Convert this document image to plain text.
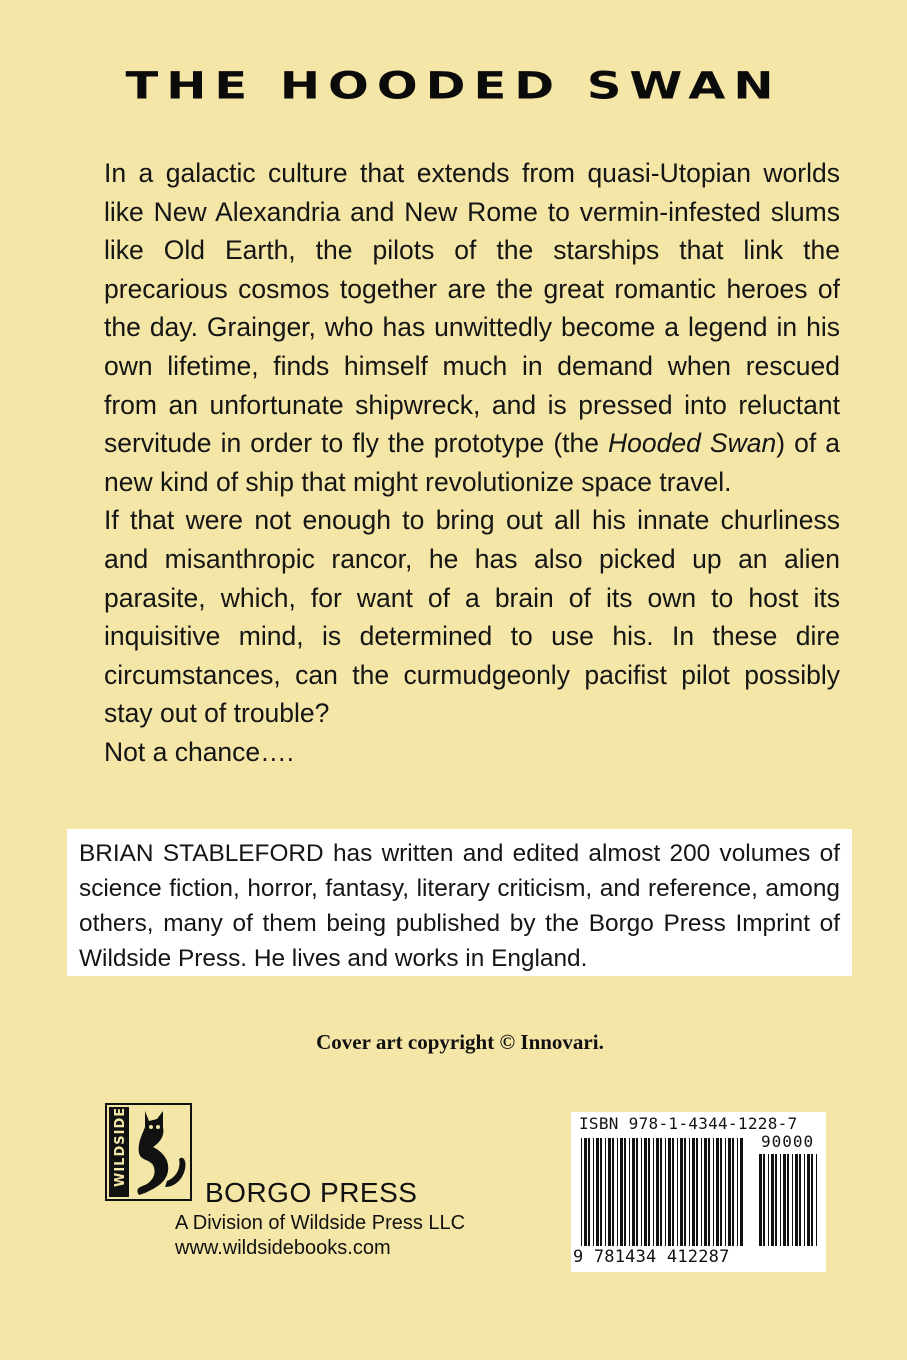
THE HOODED SWAN

In a galactic culture that extends from quasi-Utopian worlds like New Alexandria and New Rome to vermin-infested slums like Old Earth, the pilots of the starships that link the precarious cosmos together are the great romantic heroes of the day. Grainger, who has unwittedly become a legend in his own lifetime, finds himself much in demand when rescued from an unfortunate shipwreck, and is pressed into reluctant servitude in order to fly the prototype (the Hooded Swan) of a new kind of ship that might revolutionize space travel.

If that were not enough to bring out all his innate churliness and misanthropic rancor, he has also picked up an alien parasite, which, for want of a brain of its own to host its inquisitive mind, is determined to use his. In these dire circumstances, can the curmudgeonly pacifist pilot possibly stay out of trouble?

Not a chance….

BRIAN STABLEFORD has written and edited almost 200 volumes of science fiction, horror, fantasy, literary criticism, and reference, among others, many of them being published by the Borgo Press Imprint of Wildside Press. He lives and works in England.
Cover art copyright © Innovari.
WILDSIDE
BORGO PRESS
A Division of Wildside Press LLC
www.wildsidebooks.com
ISBN 978-1-4344-1228-7
90000
9 781434 412287
